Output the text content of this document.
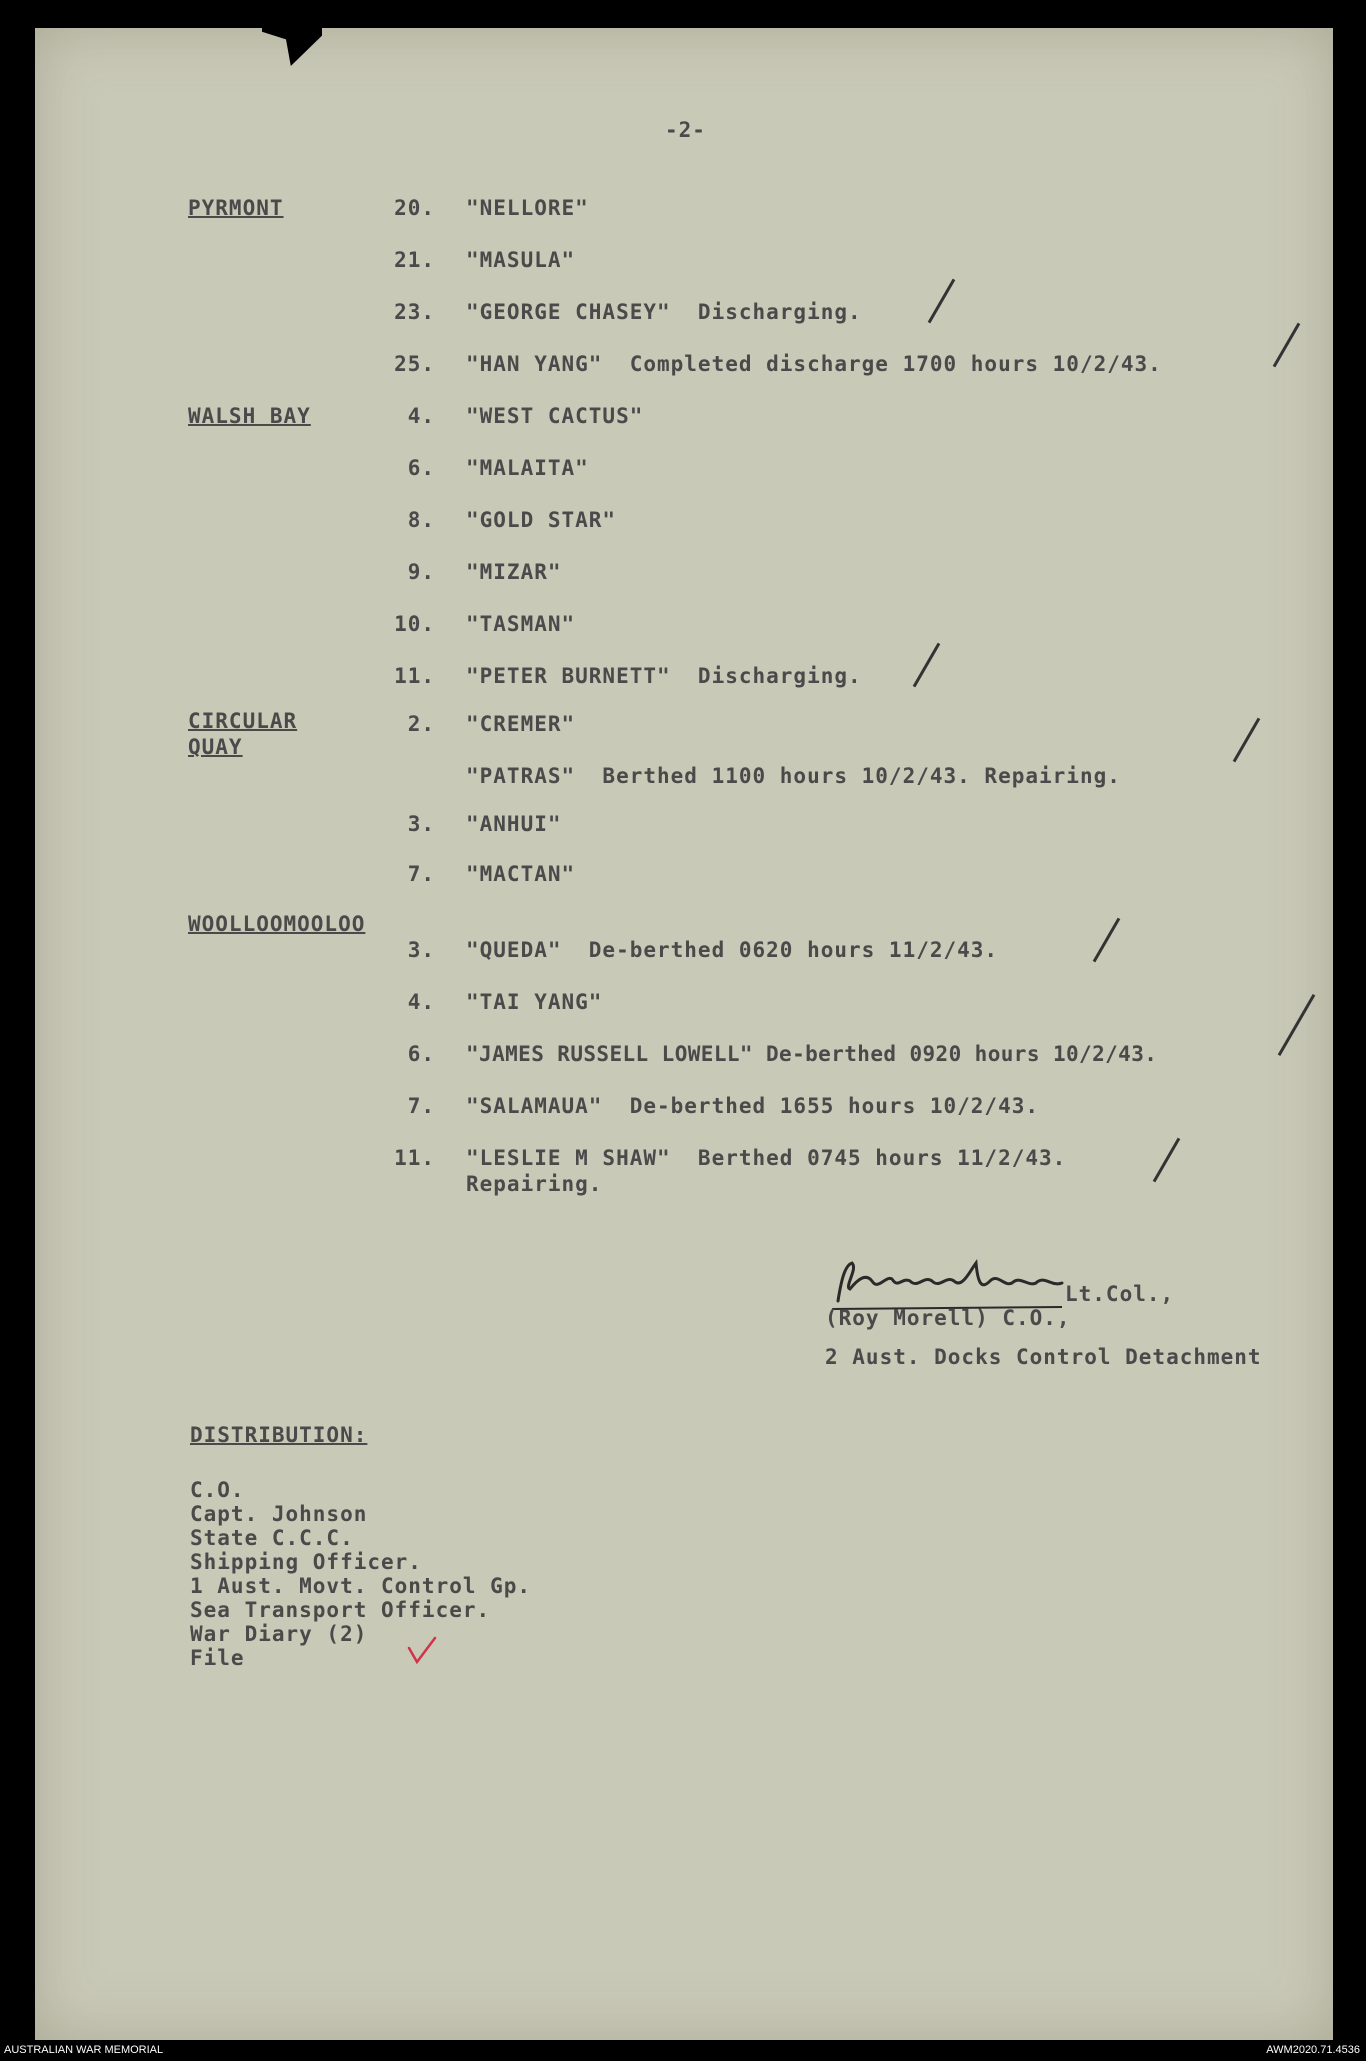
-2-
PYRMONT	20. "NELLORE"
21. "MASULA"
23. "GEORGE CHASEY"  Discharging.
25. "HAN YANG"  Completed discharge 1700 hours 10/2/43.
WALSH BAY	4. "WEST CACTUS"
6. "MALAITA"
8. "GOLD STAR"
9. "MIZAR"
10. "TASMAN"
11. "PETER BURNETT"  Discharging.
CIRCULAR QUAY
2. "CREMER"
"PATRAS"  Berthed 1100 hours 10/2/43. Repairing.
3. "ANHUI"
7. "MACTAN"
WOOLLOOMOOLOO
3. "QUEDA"  De-berthed 0620 hours 11/2/43.
4. "TAI YANG"
6. "JAMES RUSSELL LOWELL" De-berthed 0920 hours 10/2/43.
7. "SALAMAUA"  De-berthed 1655 hours 10/2/43.
11. "LESLIE M SHAW"  Berthed 0745 hours 11/2/43.
Repairing.
Lt.Col.,
(Roy Morell) C.O.,
2 Aust. Docks Control Detachment
DISTRIBUTION:
C.O.
Capt. Johnson
State C.C.C.
Shipping Officer.
1 Aust. Movt. Control Gp.
Sea Transport Officer.
War Diary (2)
File
AUSTRALIAN WAR MEMORIAL	AWM2020.71.4536
